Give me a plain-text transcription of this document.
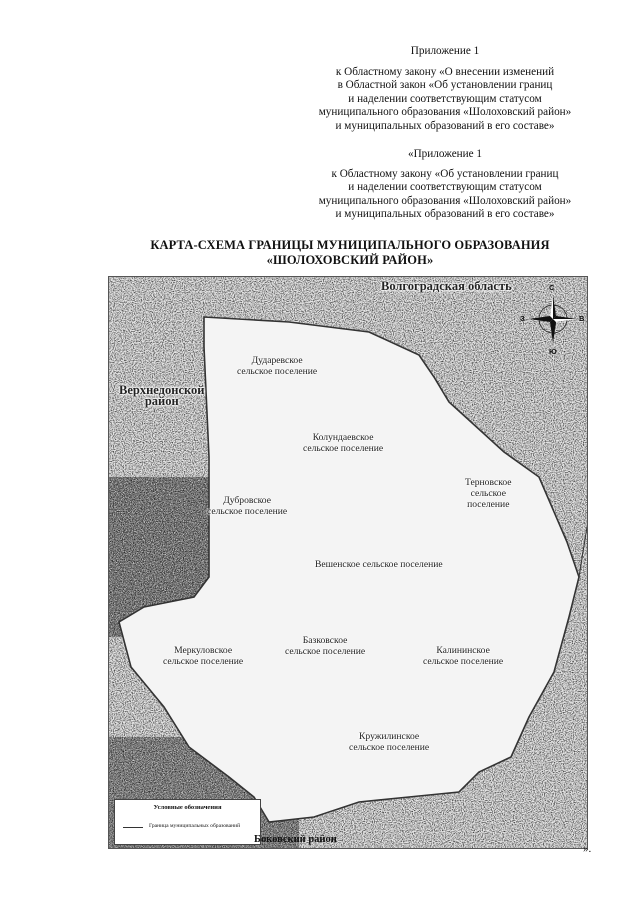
Приложение 1
к Областному закону «О внесении изменений
в Областной закон «Об установлении границ
и наделении соответствующим статусом
муниципального образования «Шолоховский район»
и муниципальных образований в его составе»
«Приложение 1
к Областному закону «Об установлении границ
и наделении соответствующим статусом
муниципального образования «Шолоховский район»
и муниципальных образований в его составе»
КАРТА-СХЕМА ГРАНИЦЫ МУНИЦИПАЛЬНОГО ОБРАЗОВАНИЯ
«ШОЛОХОВСКИЙ РАЙОН»
Волгоградская область
Верхнедонской
район
Дударевское
сельское поселение
Колундаевское
сельское поселение
Дубровское
сельское поселение
Терновское
сельское
поселение
Вешенское сельское поселение
Меркуловское
сельское поселение
Базковское
сельское поселение	Калининское
сельское поселение
Кружилинское
сельское поселение
С
Ю
З	В
Условные обозначения
Граница муниципальных образований
Боковский район
».
